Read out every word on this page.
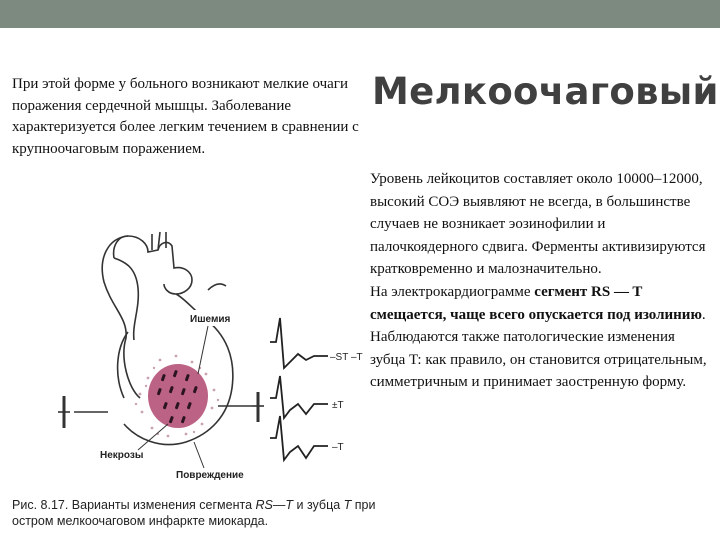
При этой форме у больного возникают мелкие очаги поражения сердечной мышцы. Заболевание характеризуется более легким течением в сравнении с крупноочаговым поражением.
Мелкоочаговый
Уровень лейкоцитов составляет около 10000–12000, высокий СОЭ выявляют не всегда, в большинстве случаев не возникает эозинофилии и палочкоядерного сдвига. Ферменты активизируются кратковременно и малозначительно.
На электрокардиограмме сегмент RS — T смещается, чаще всего опускается под изолинию. Наблюдаются также патологические изменения зубца T: как правило, он становится отрицательным, симметричным и принимает заостренную форму.
Ишемия
Некрозы
Повреждение
–ST –T
±T
–T
Рис. 8.17. Варианты изменения сегмента RS—T и зубца T при остром мелкоочаговом инфаркте миокарда.
